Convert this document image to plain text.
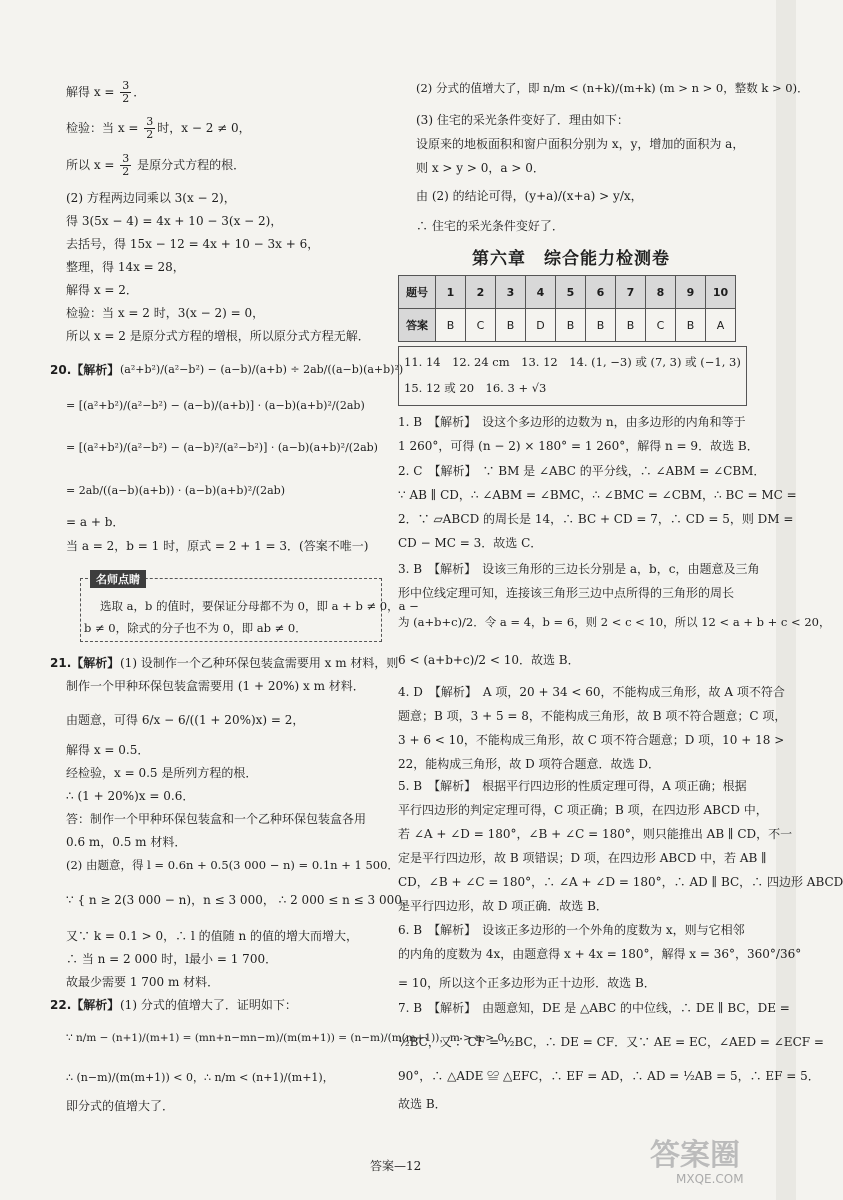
解得 $x = \frac{3}{2}$ ．
检验：当 $x = \frac{3}{2}$ 时，x − 2 ≠ 0，
所以 $x = \frac{3}{2}$ 是原分式方程的根．
(2) 方程两边同乘以 3(x − 2)，
得 3(5x − 4) = 4x + 10 − 3(x − 2)，
去括号，得 15x − 12 = 4x + 10 − 3x + 6，
整理，得 14x = 28，
解得 x = 2．
检验：当 x = 2 时，3(x − 2) = 0，
所以 x = 2 是原分式方程的增根，所以原分式方程无解．
20.【解析】 (a²+b²)/(a²−b²) − (a−b)/(a+b) ÷ 2ab/((a−b)(a+b)²)
= [(a²+b²)/(a²−b²) − (a−b)/(a+b)] · (a−b)(a+b)²/(2ab)
= [(a²+b²)/(a²−b²) − (a−b)²/(a²−b²)] · (a−b)(a+b)²/(2ab)
= 2ab/((a−b)(a+b)) · (a−b)(a+b)²/(2ab)
= a + b．
当 a = 2，b = 1 时，原式 = 2 + 1 = 3．(答案不唯一)
名师点睛
选取 a，b 的值时，要保证分母都不为 0，即 a + b ≠ 0，a −
b ≠ 0，除式的分子也不为 0，即 ab ≠ 0．
21.【解析】 (1) 设制作一个乙种环保包装盒需要用 x m 材料，则
制作一个甲种环保包装盒需要用 (1 + 20%) x m 材料．
由题意，可得 6/x − 6/((1 + 20%)x) = 2，
解得 x = 0.5．
经检验，x = 0.5 是所列方程的根．
∴ (1 + 20%)x = 0.6．
答：制作一个甲种环保包装盒和一个乙种环保包装盒各用
0.6 m，0.5 m 材料．
(2) 由题意，得 l = 0.6n + 0.5(3 000 − n) = 0.1n + 1 500．
∵ { n ≥ 2(3 000 − n)，n ≤ 3 000， ∴ 2 000 ≤ n ≤ 3 000，
又∵ k = 0.1 > 0，∴ l 的值随 n 的值的增大而增大，
∴ 当 n = 2 000 时，l最小 = 1 700．
故最少需要 1 700 m 材料．
22.【解析】 (1) 分式的值增大了．证明如下：
∵ n/m − (n+1)/(m+1) = (mn+n−mn−m)/(m(m+1)) = (n−m)/(m(m+1))，m > n > 0，
∴ (n−m)/(m(m+1)) < 0，∴ n/m < (n+1)/(m+1)，
即分式的值增大了．
(2) 分式的值增大了，即 n/m < (n+k)/(m+k) (m > n > 0，整数 k > 0)．
(3) 住宅的采光条件变好了．理由如下：
设原来的地板面积和窗户面积分别为 x，y，增加的面积为 a，
则 x > y > 0，a > 0．
由 (2) 的结论可得，(y+a)/(x+a) > y/x，
∴ 住宅的采光条件变好了．
第六章　综合能力检测卷
题号	1	2	3	4	5	6	7	8	9	10
答案	B	C	B	D	B	B	B	C	B	A
11. 14　12. 24 cm　13. 12　14. (1, −3) 或 (7, 3) 或 (−1, 3)
15. 12 或 20　16. 3 + √3
1. B　【解析】　设这个多边形的边数为 n，由多边形的内角和等于
1 260°，可得 (n − 2) × 180° = 1 260°，解得 n = 9．故选 B．
2. C　【解析】　∵ BM 是 ∠ABC 的平分线，∴ ∠ABM = ∠CBM．
∵ AB ∥ CD，∴ ∠ABM = ∠BMC，∴ ∠BMC = ∠CBM，∴ BC = MC =
2．∵ ▱ABCD 的周长是 14，∴ BC + CD = 7，∴ CD = 5，则 DM =
CD − MC = 3．故选 C．
3. B　【解析】　设该三角形的三边长分别是 a，b，c，由题意及三角
形中位线定理可知，连接该三角形三边中点所得的三角形的周长
为 (a+b+c)/2．令 a = 4，b = 6，则 2 < c < 10，所以 12 < a + b + c < 20，
6 < (a+b+c)/2 < 10．故选 B．
4. D　【解析】　A 项，20 + 34 < 60，不能构成三角形，故 A 项不符合
题意；B 项，3 + 5 = 8，不能构成三角形，故 B 项不符合题意；C 项，
3 + 6 < 10，不能构成三角形，故 C 项不符合题意；D 项，10 + 18 >
22，能构成三角形，故 D 项符合题意．故选 D．
5. B　【解析】　根据平行四边形的性质定理可得，A 项正确；根据
平行四边形的判定定理可得，C 项正确；B 项，在四边形 ABCD 中，
若 ∠A + ∠D = 180°，∠B + ∠C = 180°，则只能推出 AB ∥ CD，不一
定是平行四边形，故 B 项错误；D 项，在四边形 ABCD 中，若 AB ∥
CD，∠B + ∠C = 180°，∴ ∠A + ∠D = 180°，∴ AD ∥ BC，∴ 四边形 ABCD
是平行四边形，故 D 项正确．故选 B．
6. B　【解析】　设该正多边形的一个外角的度数为 x，则与它相邻
的内角的度数为 4x，由题意得 x + 4x = 180°，解得 x = 36°，360°/36°
= 10，所以这个正多边形为正十边形．故选 B．
7. B　【解析】　由题意知，DE 是 △ABC 的中位线，∴ DE ∥ BC，DE =
½BC，又∵ CF = ½BC，∴ DE = CF．又∵ AE = EC，∠AED = ∠ECF =
90°，∴ △ADE ≌ △EFC，∴ EF = AD，∴ AD = ½AB = 5，∴ EF = 5．
故选 B．
答案—12	答案圈
MXQE.COM
